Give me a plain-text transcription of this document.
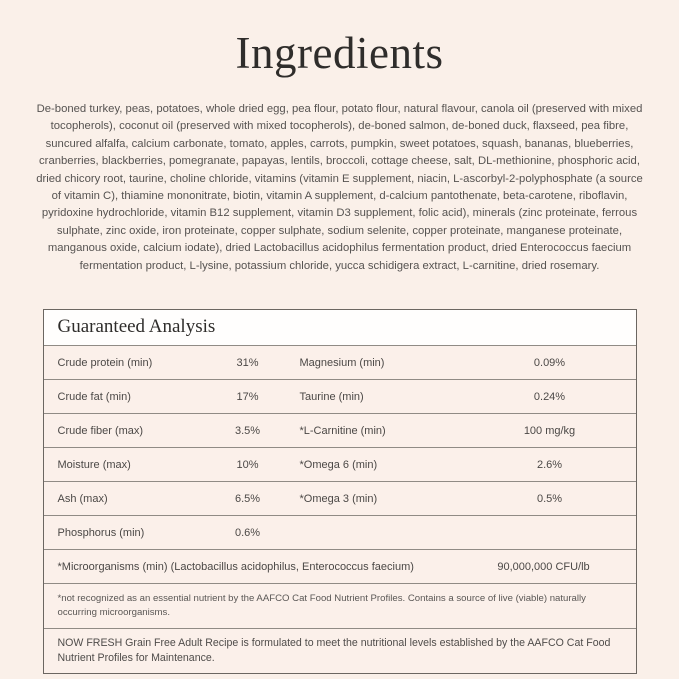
Ingredients

De-boned turkey, peas, potatoes, whole dried egg, pea flour, potato flour, natural flavour, canola oil (preserved with mixed tocopherols), coconut oil (preserved with mixed tocopherols), de-boned salmon, de-boned duck, flaxseed, pea fibre, suncured alfalfa, calcium carbonate, tomato, apples, carrots, pumpkin, sweet potatoes, squash, bananas, blueberries, cranberries, blackberries, pomegranate, papayas, lentils, broccoli, cottage cheese, salt, DL-methionine, phosphoric acid, dried chicory root, taurine, choline chloride, vitamins (vitamin E supplement, niacin, L-ascorbyl-2-polyphosphate (a source of vitamin C), thiamine mononitrate, biotin, vitamin A supplement, d-calcium pantothenate, beta-carotene, riboflavin, pyridoxine hydrochloride, vitamin B12 supplement, vitamin D3 supplement, folic acid), minerals (zinc proteinate, ferrous sulphate, zinc oxide, iron proteinate, copper sulphate, sodium selenite, copper proteinate, manganese proteinate, manganous oxide, calcium iodate), dried Lactobacillus acidophilus fermentation product, dried Enterococcus faecium fermentation product, L-lysine, potassium chloride, yucca schidigera extract, L-carnitine, dried rosemary.

Guaranteed Analysis
Crude protein (min)	31%	Magnesium (min)	0.09%
Crude fat (min)	17%	Taurine (min)	0.24%
Crude fiber (max)	3.5%	*L-Carnitine (min)	100 mg/kg
Moisture (max)	10%	*Omega 6 (min)	2.6%
Ash (max)	6.5%	*Omega 3 (min)	0.5%
Phosphorus (min)	0.6%
*Microorganisms (min) (Lactobacillus acidophilus, Enterococcus faecium)	90,000,000 CFU/lb
*not recognized as an essential nutrient by the AAFCO Cat Food Nutrient Profiles. Contains a source of live (viable) naturally occurring microorganisms.
NOW FRESH Grain Free Adult Recipe is formulated to meet the nutritional levels established by the AAFCO Cat Food Nutrient Profiles for Maintenance.
